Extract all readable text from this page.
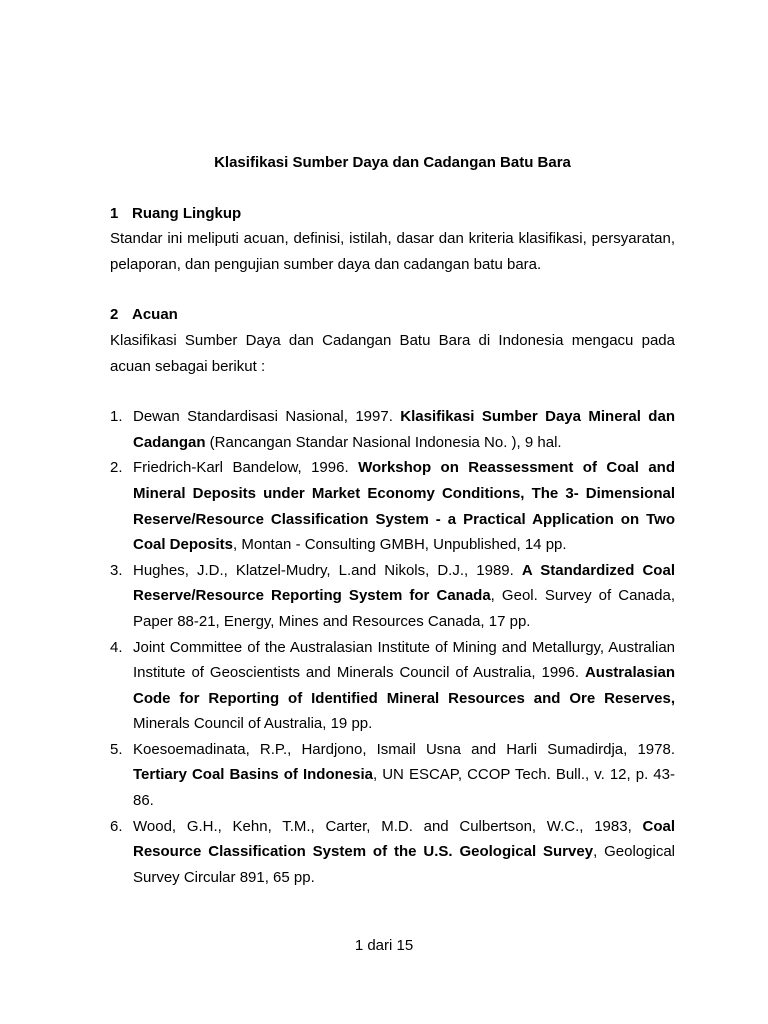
Klasifikasi Sumber Daya dan Cadangan Batu Bara

1 Ruang Lingkup

Standar ini meliputi acuan, definisi, istilah, dasar dan kriteria klasifikasi, persyaratan, pelaporan, dan pengujian sumber daya dan cadangan batu bara.

2 Acuan

Klasifikasi Sumber Daya dan Cadangan Batu Bara di Indonesia mengacu pada acuan sebagai berikut :

1. Dewan Standardisasi Nasional, 1997. Klasifikasi Sumber Daya Mineral dan Cadangan (Rancangan Standar Nasional Indonesia No. ), 9 hal.
2. Friedrich-Karl Bandelow, 1996. Workshop on Reassessment of Coal and Mineral Deposits under Market Economy Conditions, The 3- Dimensional Reserve/Resource Classification System - a Practical Application on Two Coal Deposits, Montan - Consulting GMBH, Unpublished, 14 pp.
3. Hughes, J.D., Klatzel-Mudry, L.and Nikols, D.J., 1989. A Standardized Coal Reserve/Resource Reporting System for Canada, Geol. Survey of Canada, Paper 88-21, Energy, Mines and Resources Canada, 17 pp.
4. Joint Committee of the Australasian Institute of Mining and Metallurgy, Australian Institute of Geoscientists and Minerals Council of Australia, 1996. Australasian Code for Reporting of Identified Mineral Resources and Ore Reserves, Minerals Council of Australia, 19 pp.
5. Koesoemadinata, R.P., Hardjono, Ismail Usna and Harli Sumadirdja, 1978. Tertiary Coal Basins of Indonesia, UN ESCAP, CCOP Tech. Bull., v. 12, p. 43-86.
6. Wood, G.H., Kehn, T.M., Carter, M.D. and Culbertson, W.C., 1983, Coal Resource Classification System of the U.S. Geological Survey, Geological Survey Circular 891, 65 pp.
1 dari 15
